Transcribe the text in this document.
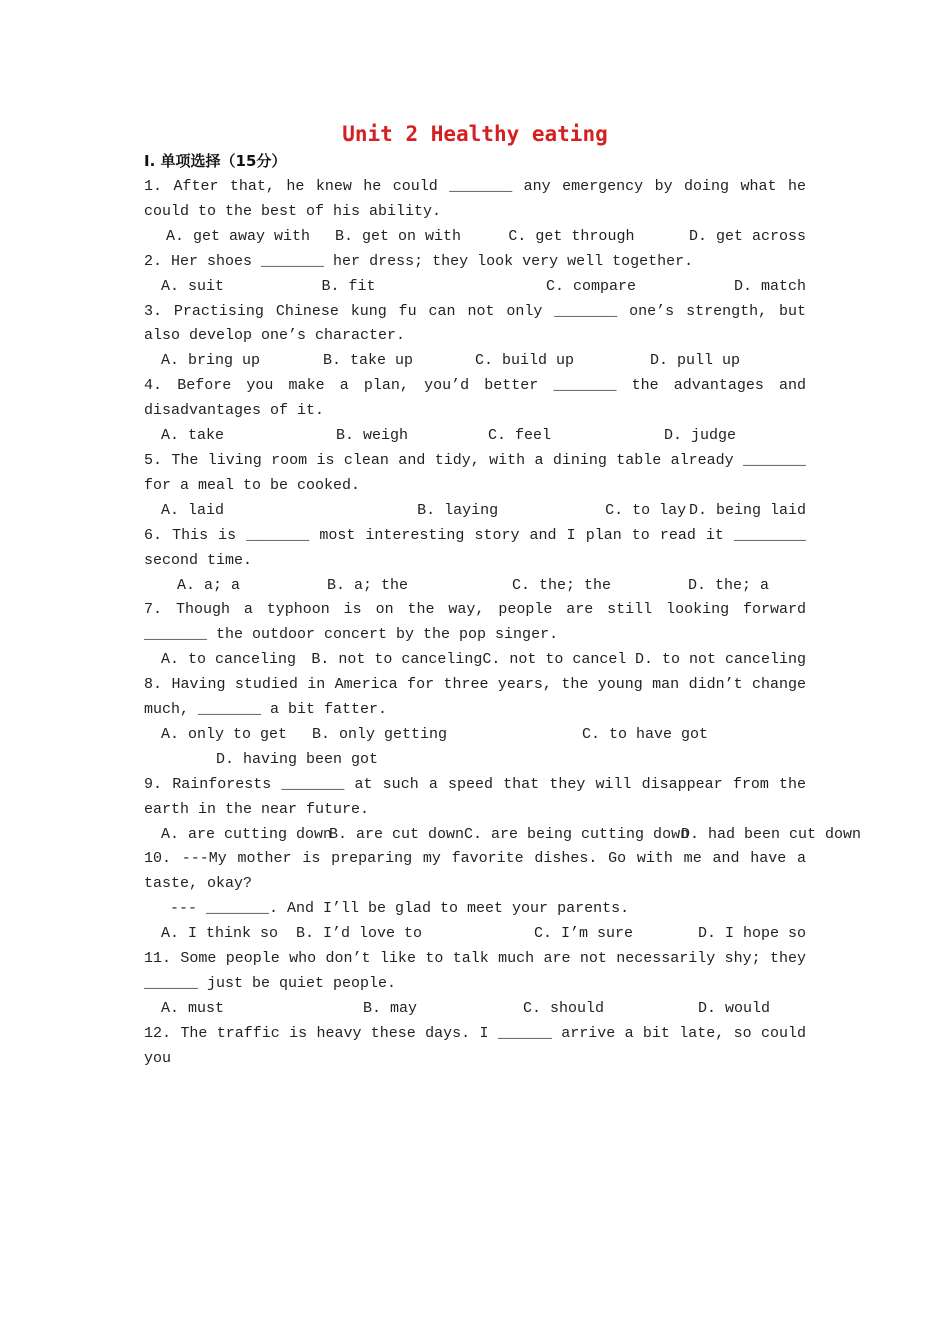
Unit 2 Healthy eating
I. 单项选择（15分）
1. After that, he knew he could _______ any emergency by doing what he could to the best of his ability.
A. get away with	B. get on with	C. get through	D. get across
2. Her shoes _______ her dress; they look very well together.
A. suit	B. fit	C. compare	D. match
3. Practising Chinese kung fu can not only _______ one’s strength, but also develop one’s character.
A. bring up	B. take up	C. build up	D. pull up
4. Before you make a plan, you’d better _______ the advantages and disadvantages of it.
A. take	B. weigh	C. feel	D. judge
5. The living room is clean and tidy, with a dining table already _______ for a meal to be cooked.
A. laid	B. laying	C. to lay D. being laid
6. This is _______ most interesting story and I plan to read it ________ second time.
A. a; a	B. a; the	C. the; the	D. the; a
7. Though a typhoon is on the way, people are still looking forward _______ the outdoor concert by the pop singer.
A. to canceling	B. not to canceling C. not to cancel D. to not canceling
8. Having studied in America for three years, the young man didn’t change much, _______ a bit fatter.
A. only to get	B. only getting	C. to have got
D. having been got
9. Rainforests _______ at such a speed that they will disappear from the earth in the near future.
A. are cutting down
B. are cut down C. are being cutting down
D. had been cut down
10. ---My mother is preparing my favorite dishes. Go with me and have a taste, okay?
--- _______. And I’ll be glad to meet your parents.
A. I think so	B. I’d love to	C. I’m sure	D. I hope so
11. Some people who don’t like to talk much are not necessarily shy; they ______ just be quiet people.
A. must	B. may	C. should	D. would
12. The traffic is heavy these days. I ______ arrive a bit late, so could you
